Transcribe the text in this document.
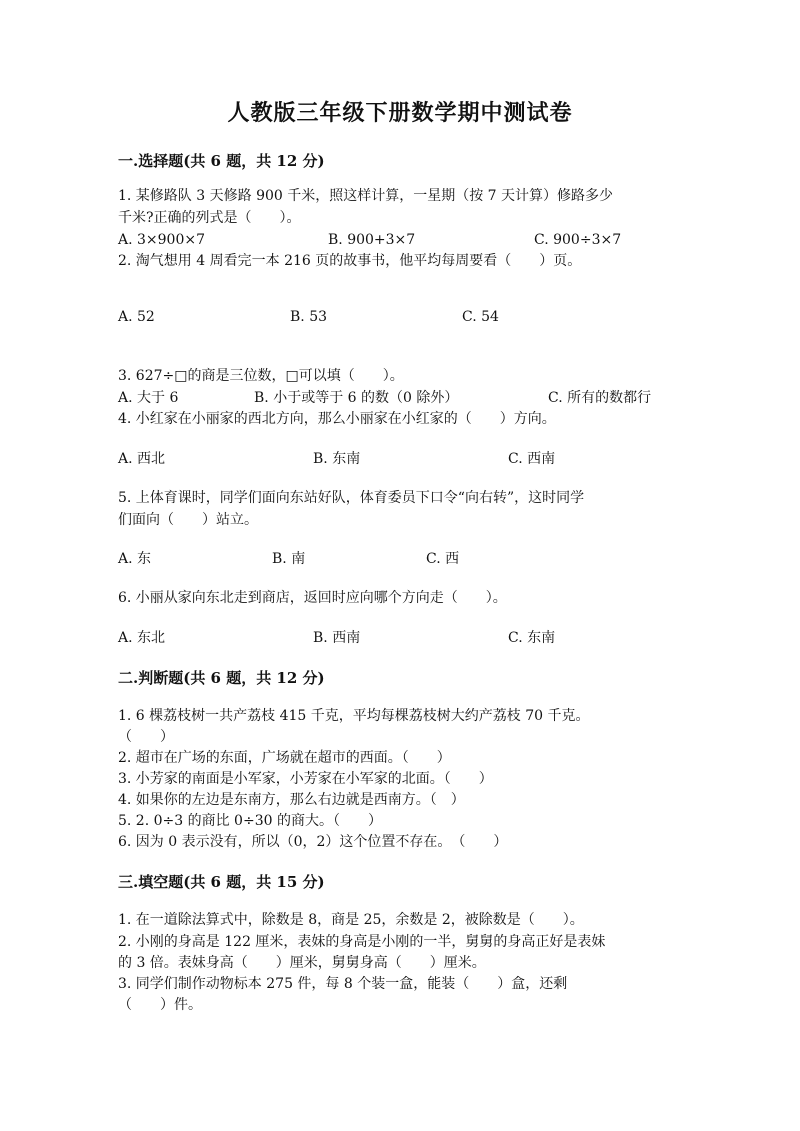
人教版三年级下册数学期中测试卷
一.选择题(共 6 题，共 12 分)
1. 某修路队 3 天修路 900 千米，照这样计算，一星期（按 7 天计算）修路多少
千米?正确的列式是（　　）。
A. 3×900×7	B. 900+3×7	C. 900÷3×7
2. 淘气想用 4 周看完一本 216 页的故事书，他平均每周要看（　　）页。
A. 52	B. 53	C. 54
3. 627÷□的商是三位数，□可以填（　　）。
A. 大于 6	B. 小于或等于 6 的数（0 除外）	C. 所有的数都行
4. 小红家在小丽家的西北方向，那么小丽家在小红家的（　　）方向。
A. 西北	B. 东南	C. 西南
5. 上体育课时，同学们面向东站好队，体育委员下口令“向右转”，这时同学
们面向（　　）站立。
A. 东	B. 南	C. 西
6. 小丽从家向东北走到商店，返回时应向哪个方向走（　　）。
A. 东北	B. 西南	C. 东南
二.判断题(共 6 题，共 12 分)
1. 6 棵荔枝树一共产荔枝 415 千克，平均每棵荔枝树大约产荔枝 70 千克。
（　　）
2. 超市在广场的东面，广场就在超市的西面。（　　）
3. 小芳家的南面是小军家，小芳家在小军家的北面。（　　）
4. 如果你的左边是东南方，那么右边就是西南方。（　）
5. 2. 0÷3 的商比 0÷30 的商大。（　　）
6. 因为 0 表示没有，所以（0，2）这个位置不存在。　（　　）
三.填空题(共 6 题，共 15 分)
1. 在一道除法算式中，除数是 8，商是 25，余数是 2，被除数是（　　）。
2. 小刚的身高是 122 厘米，表妹的身高是小刚的一半，舅舅的身高正好是表妹
的 3 倍。表妹身高（　　）厘米，舅舅身高（　　）厘米。
3. 同学们制作动物标本 275 件，每 8 个装一盒，能装（　　）盒，还剩
（　　）件。
